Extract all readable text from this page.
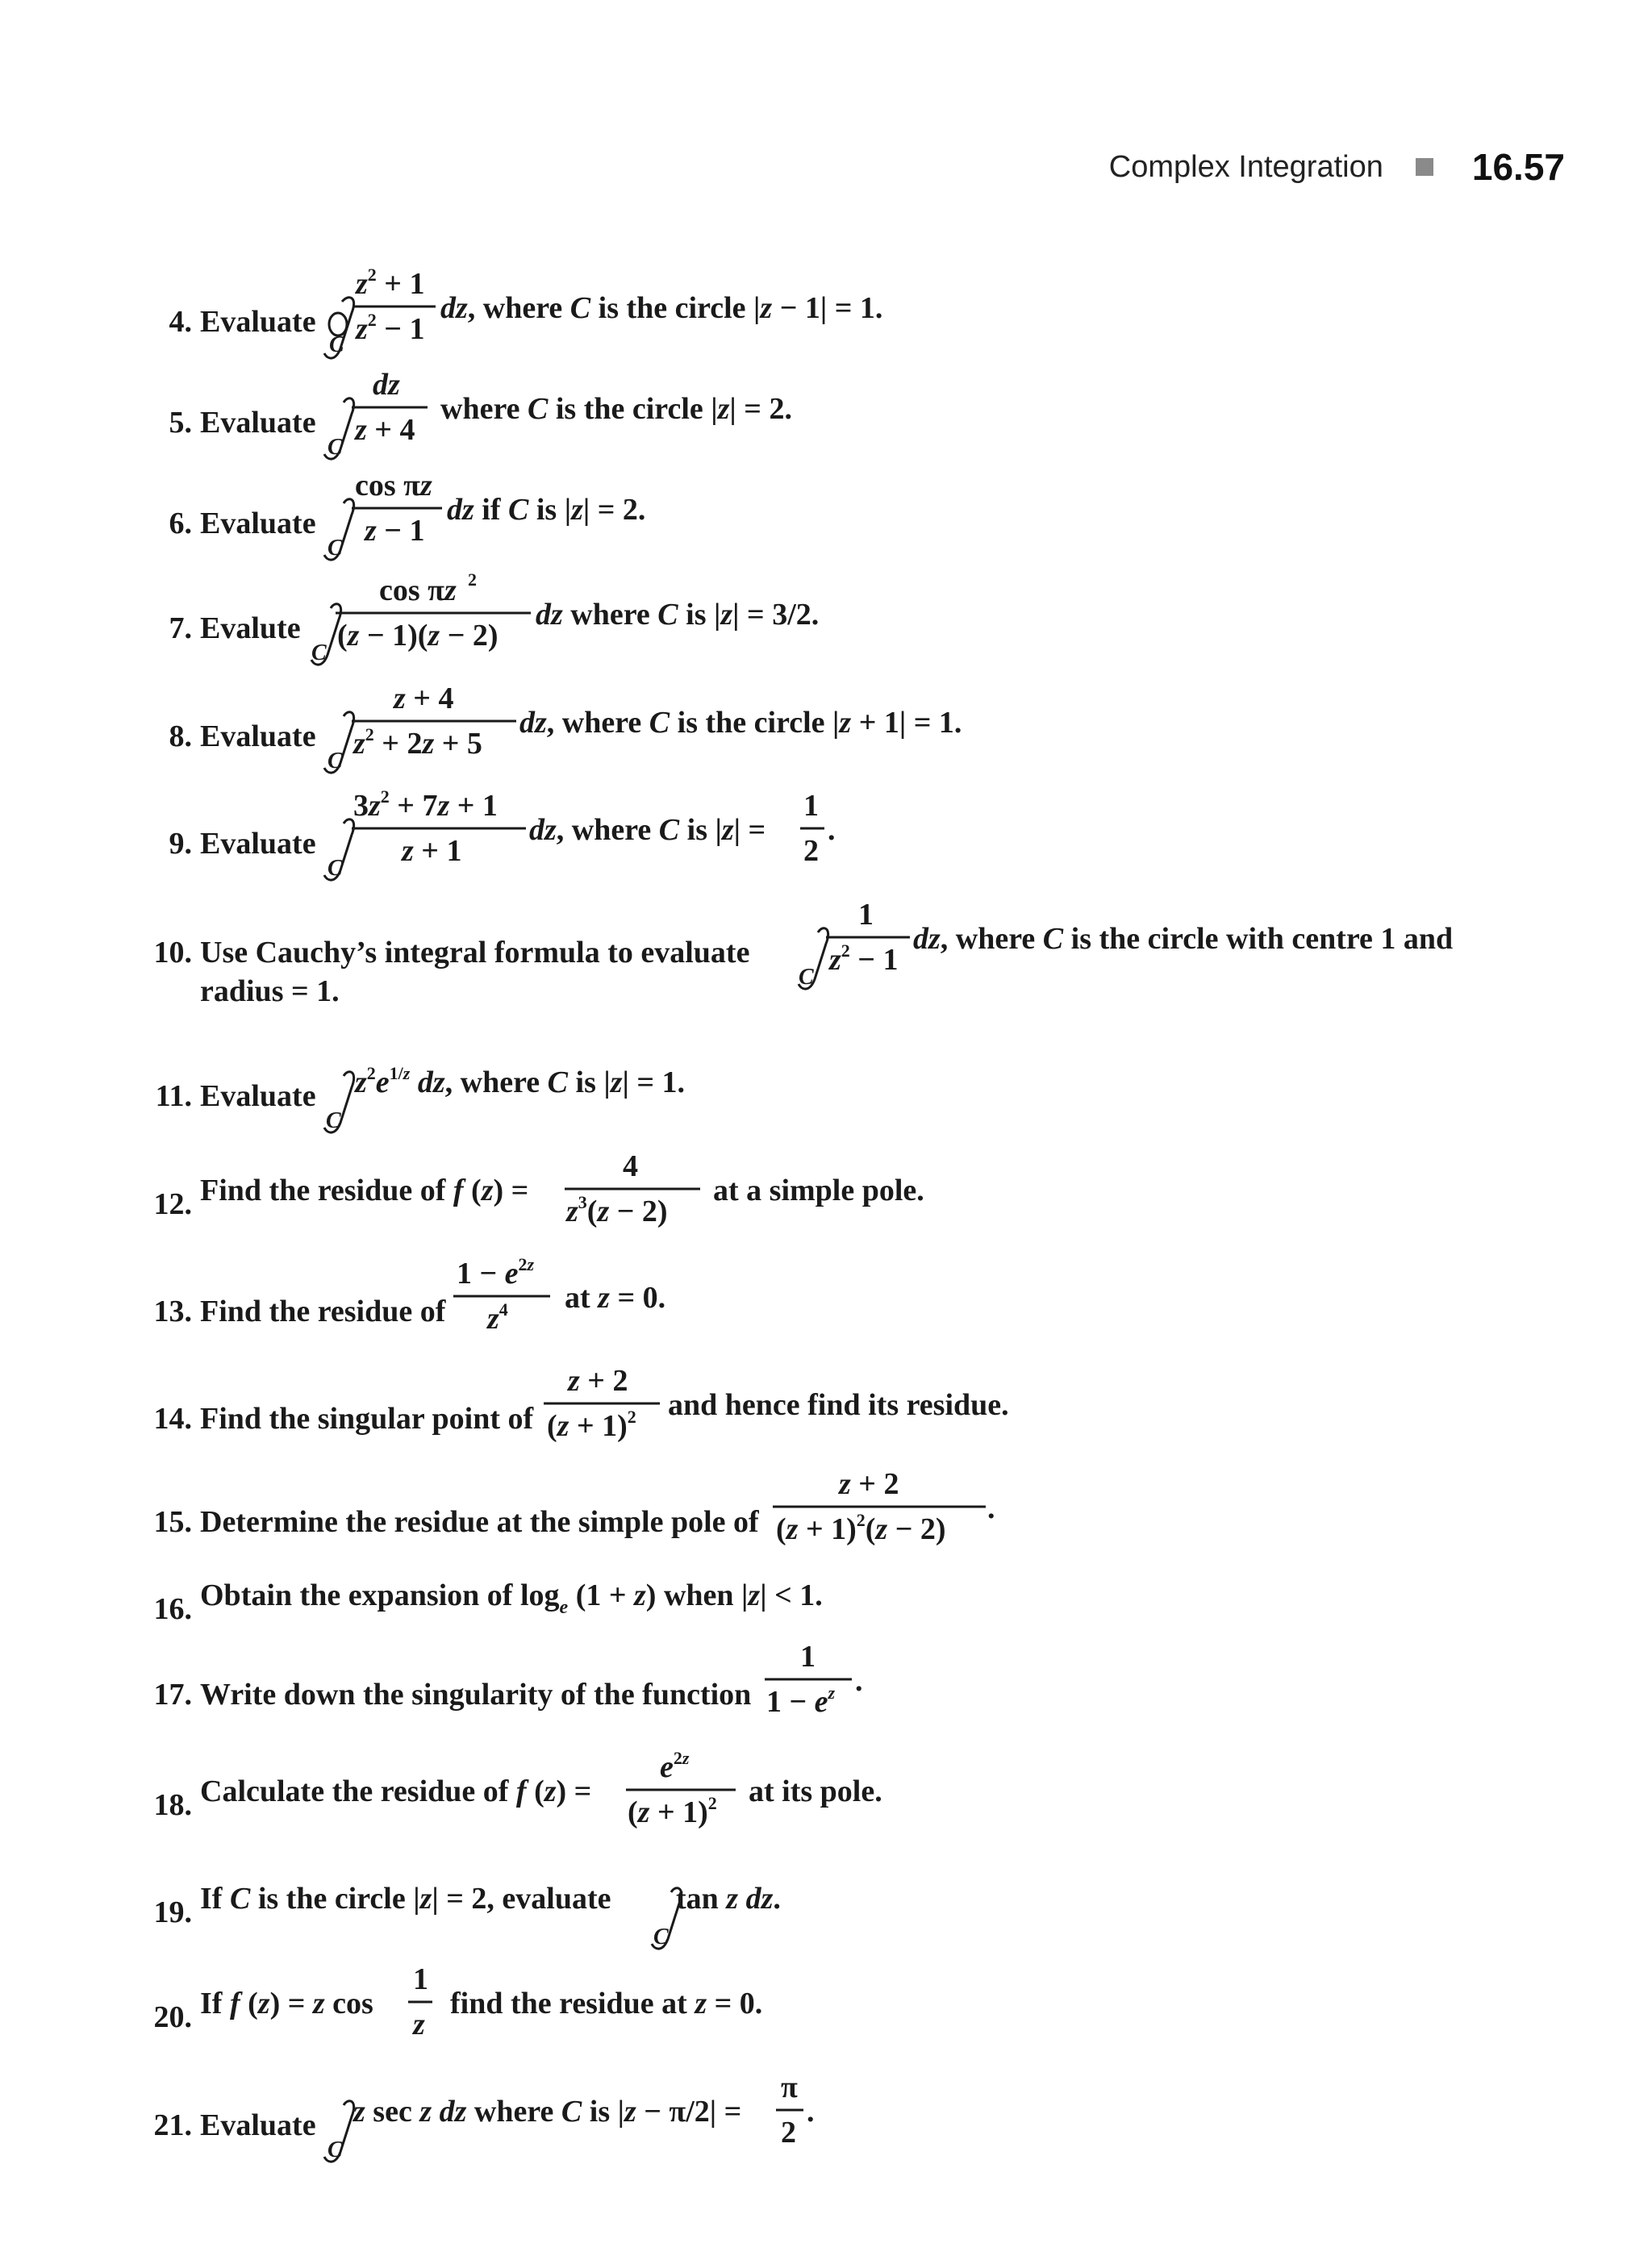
Complex Integration 16.57
4. Evaluate
C
$z^2 + 1$
$z^2 - 1$
dz, where C is the circle |z − 1| = 1.
5. Evaluate
C
dz
z + 4
where C is the circle |z| = 2.
6. Evaluate
C
cos πz
z − 1
dz if C is |z| = 2.
7. Evalute
C
cos πz 2
(z − 1)(z − 2)
dz where C is |z| = 3/2.
8. Evaluate
C
z + 4
$z^2 + 2z + 5$
dz, where C is the circle |z + 1| = 1.
9. Evaluate
C
$3z^2 + 7z + 1$
z + 1
dz, where C is |z| =
1
2
.
10. Use Cauchy’s integral formula to evaluate
C
1
$z^2 - 1$
dz, where C is the circle with centre 1 and
radius = 1.
11. Evaluate
C
$z^2e^{1/}z$ dz, where C is |z| = 1.
12. Find the residue of f (z) =
4
$z^3(z - 2)$
at a simple pole.
13. Find the residue of
$1 - e^2z$
$z^4$ at z = 0.
14. Find the singular point of
z + 2
$(z + 1)^2$ and hence find its residue.
15. Determine the residue at the simple pole of
z + 2
$(z + 1)^2(z - 2)$
.
16. Obtain the expansion of $\log_e (1 + z)$ when |z| < 1.
17. Write down the singularity of the function
1
$1 - e^z$ .
18. Calculate the residue of f (z) =
$e^2z$
$(z + 1)^2$ at its pole.
19. If C is the circle |z| = 2, evaluate
C
tan z dz.
20. If f (z) = z cos
1
z
find the residue at z = 0.
21. Evaluate
C
z sec z dz where C is |z − π/2| =
π
2
.
